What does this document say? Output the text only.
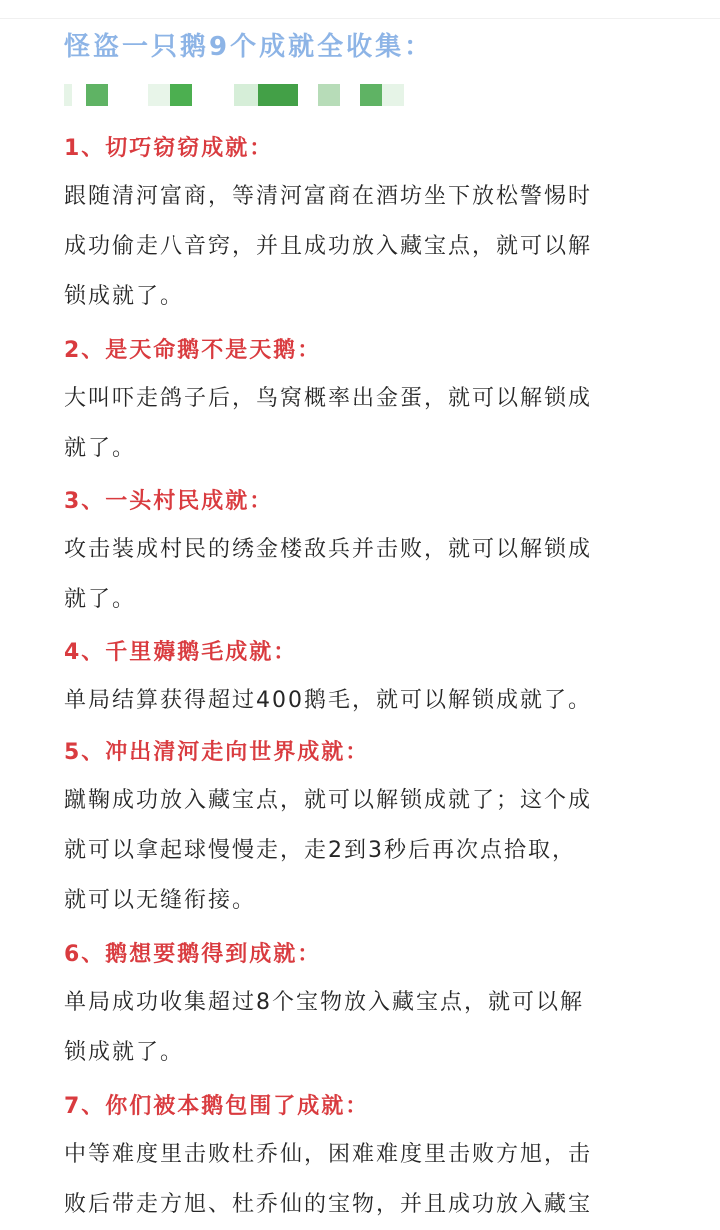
怪盗一只鹅9个成就全收集：
1、切巧窃窃成就：
跟随清河富商，等清河富商在酒坊坐下放松警惕时
成功偷走八音窍，并且成功放入藏宝点，就可以解
锁成就了。
2、是天命鹅不是天鹅：
大叫吓走鸽子后，鸟窝概率出金蛋，就可以解锁成
就了。
3、一头村民成就：
攻击装成村民的绣金楼敌兵并击败，就可以解锁成
就了。
4、千里薅鹅毛成就：
单局结算获得超过400鹅毛，就可以解锁成就了。
5、冲出清河走向世界成就：
蹴鞠成功放入藏宝点，就可以解锁成就了；这个成
就可以拿起球慢慢走，走2到3秒后再次点拾取，
就可以无缝衔接。
6、鹅想要鹅得到成就：
单局成功收集超过8个宝物放入藏宝点，就可以解
锁成就了。
7、你们被本鹅包围了成就：
中等难度里击败杜乔仙，困难难度里击败方旭，击
败后带走方旭、杜乔仙的宝物，并且成功放入藏宝
